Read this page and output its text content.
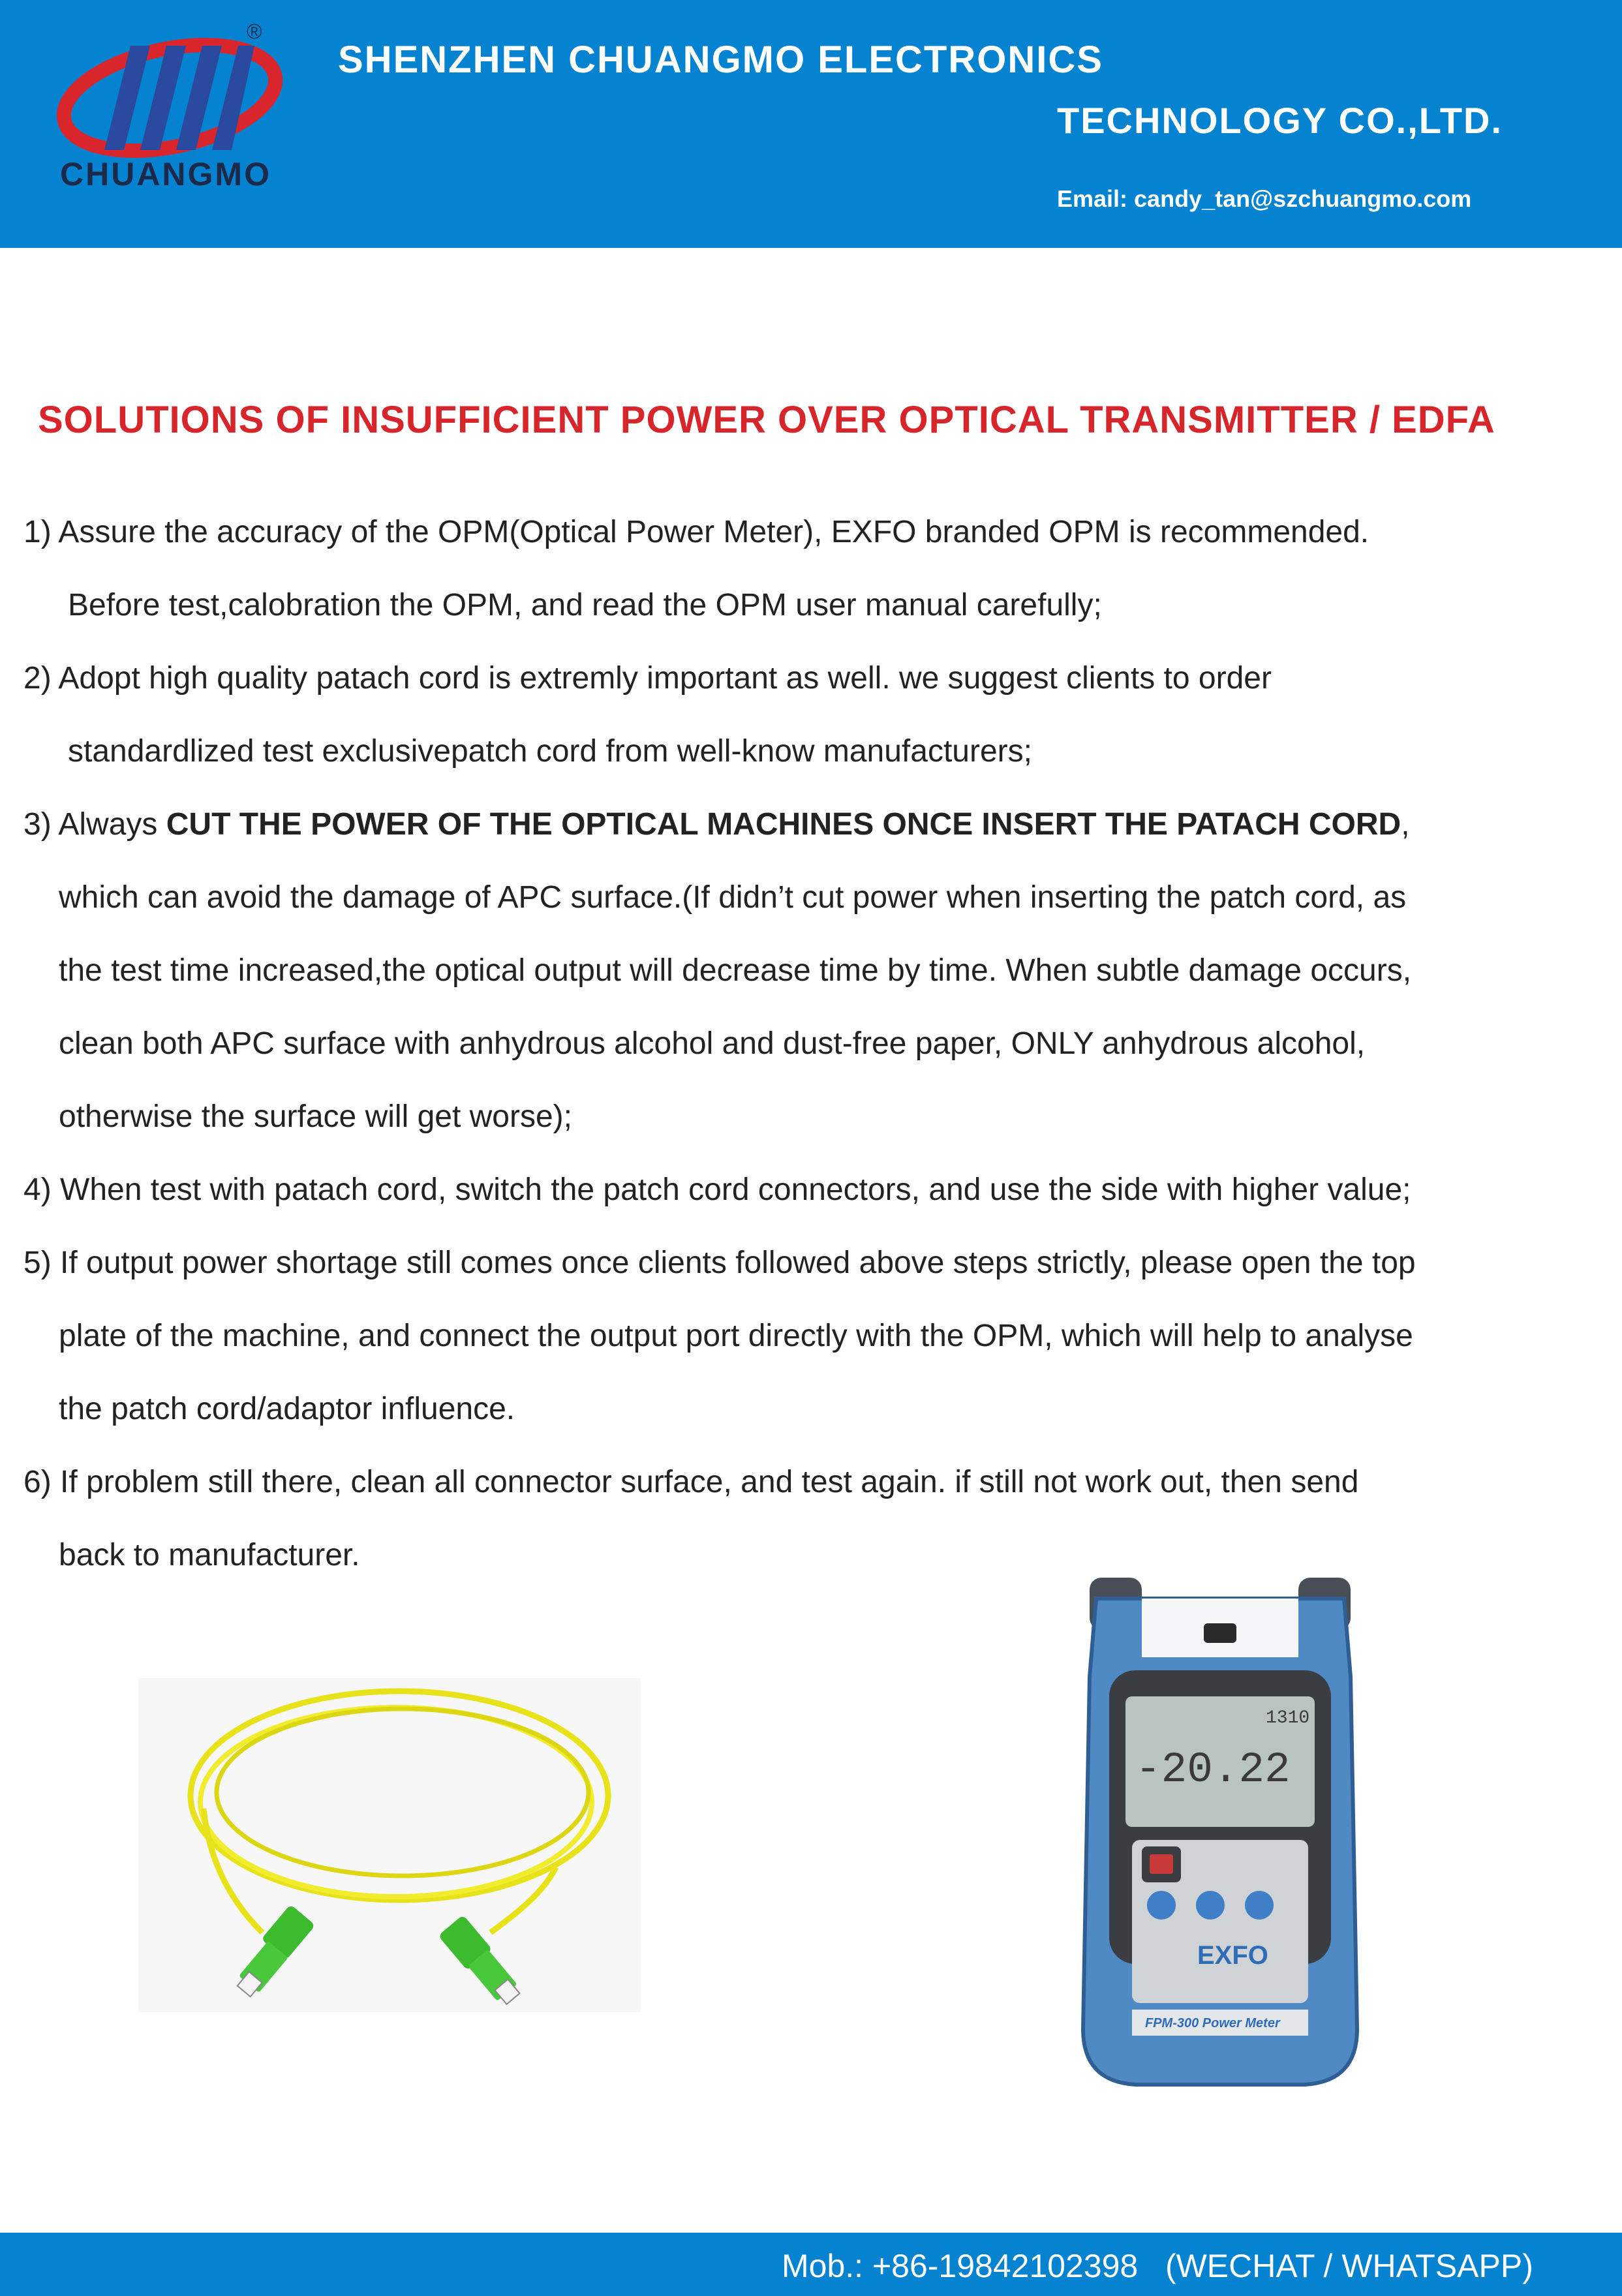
®
CHUANGMO
SHENZHEN CHUANGMO ELECTRONICS
TECHNOLOGY CO.,LTD.
Email: candy_tan@szchuangmo.com
SOLUTIONS OF INSUFFICIENT POWER OVER OPTICAL TRANSMITTER / EDFA
1) Assure the accuracy of the OPM(Optical Power Meter), EXFO branded OPM is recommended.
Before test,calobration the OPM, and read the OPM user manual carefully;
2) Adopt high quality patach cord is extremly important as well. we suggest clients to order
standardlized test exclusivepatch cord from well-know manufacturers;
3) Always CUT THE POWER OF THE OPTICAL MACHINES ONCE INSERT THE PATACH CORD,
which can avoid the damage of APC surface.(If didn’t cut power when inserting the patch cord, as
the test time increased,the optical output will decrease time by time. When subtle damage occurs,
clean both APC surface with anhydrous alcohol and dust-free paper, ONLY anhydrous alcohol,
otherwise the surface will get worse);
4) When test with patach cord, switch the patch cord connectors, and use the side with higher value;
5) If output power shortage still comes once clients followed above steps strictly, please open the top
plate of the machine, and connect the output port directly with the OPM, which will help to analyse
the patch cord/adaptor influence.
6) If problem still there, clean all connector surface, and test again. if still not work out, then send
back to manufacturer.
1310
-20.22
EXFO
FPM-300 Power Meter
Mob.: +86-19842102398   (WECHAT / WHATSAPP)
